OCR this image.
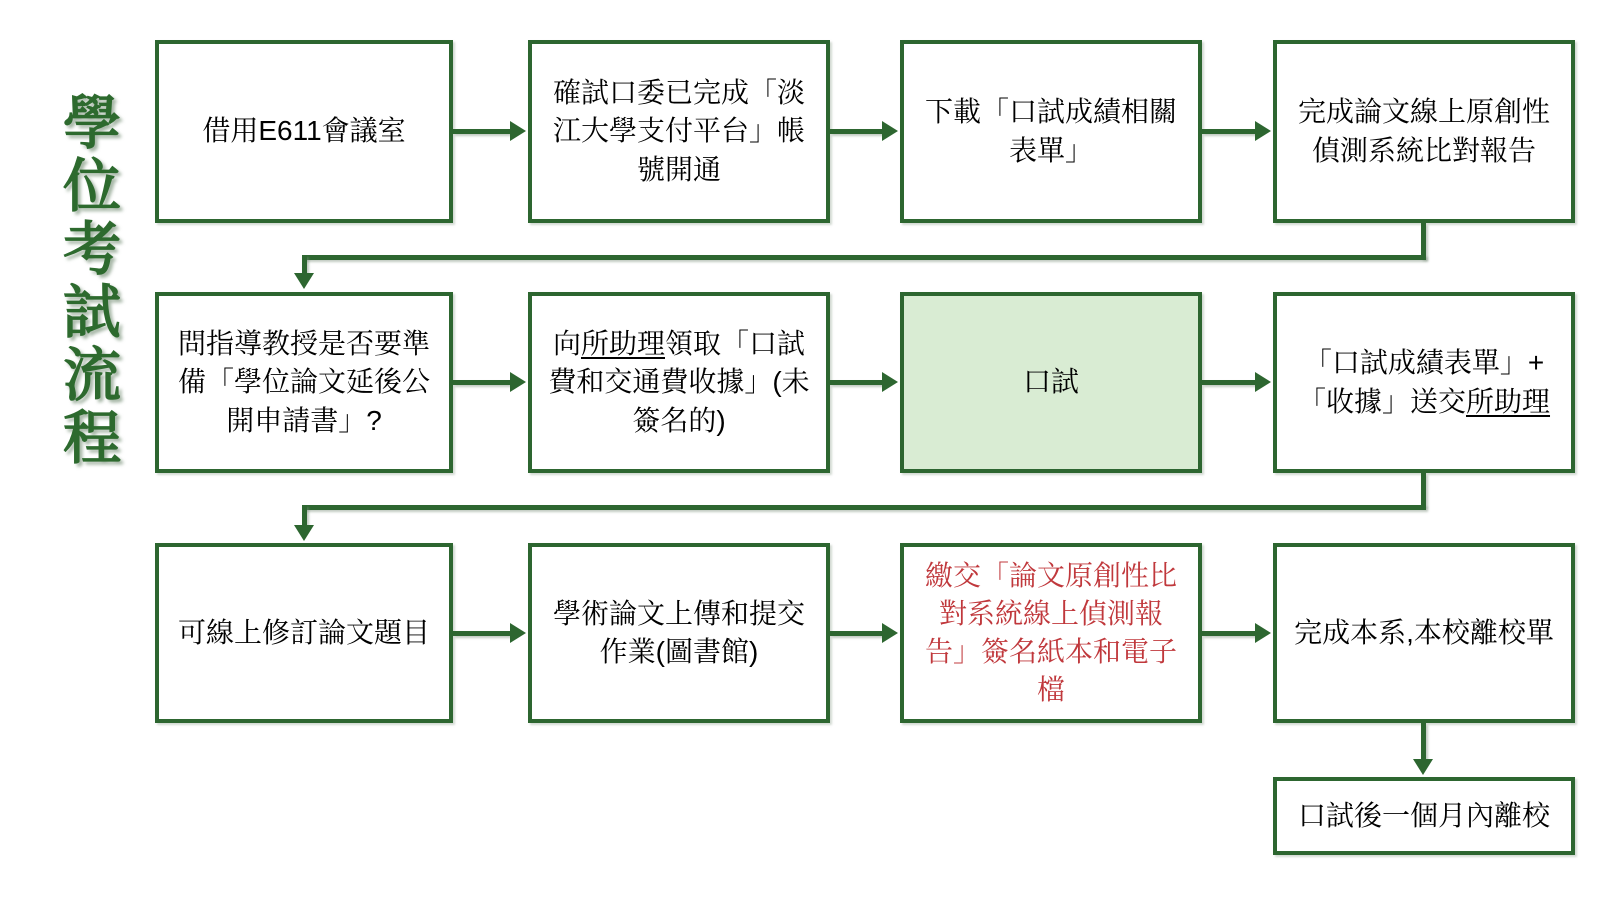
學位考試流程	借用E611會議室
確試口委已完成「淡江大學支付平台」帳號開通
下載「口試成績相關表單」
完成論文線上原創性偵測系統比對報告
問指導教授是否要準備「學位論文延後公開申請書」?
向所助理領取「口試費和交通費收據」(未簽名的)
口試
「口試成績表單」+「收據」送交所助理
可線上修訂論文題目
學術論文上傳和提交作業(圖書館)
繳交「論文原創性比對系統線上偵測報告」簽名紙本和電子檔
完成本系,本校離校單
口試後一個月內離校
